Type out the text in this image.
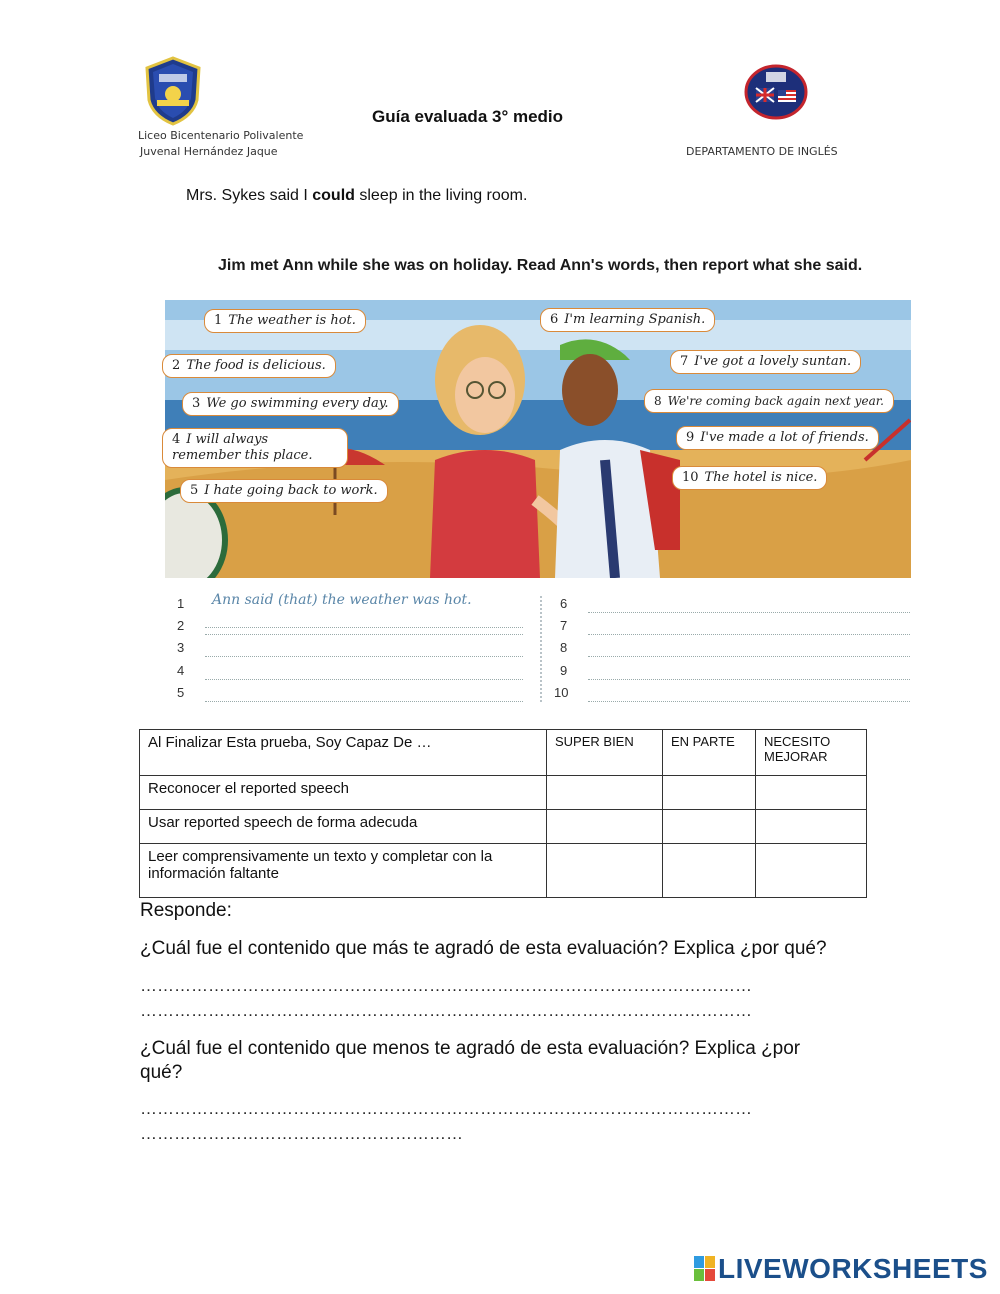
Liceo Bicentenario Polivalente
Juvenal Hernández Jaque
Guía evaluada 3° medio
DEPARTAMENTO DE INGLÉS
Mrs. Sykes said I could sleep in the living room.
Jim met Ann while she was on holiday. Read Ann's words, then report what she said.
1 The weather is hot.
2 The food is delicious.
3 We go swimming every day.
4 I will always remember this place.
5 I hate going back to work.
6 I'm learning Spanish.
7 I've got a lovely suntan.
8 We're coming back again next year.
9 I've made a lot of friends.
10 The hotel is nice.
1
2
3
4
5
6
7
8
9
10
Ann said (that) the weather was hot.
Al Finalizar Esta prueba, Soy Capaz De …	SUPER BIEN	EN PARTE	NECESITO MEJORAR
Reconocer el reported speech			
Usar reported speech de forma adecuda			
Leer comprensivamente un texto y completar con la información faltante			
Responde:
¿Cuál fue el contenido que más te agradó de esta evaluación? Explica ¿por qué?
………………………………………………………………………………………………
………………………………………………………………………………………………
¿Cuál fue el contenido que menos te agradó de esta evaluación? Explica ¿por qué?
………………………………………………………………………………………………
…………………………………………………
LIVEWORKSHEETS
